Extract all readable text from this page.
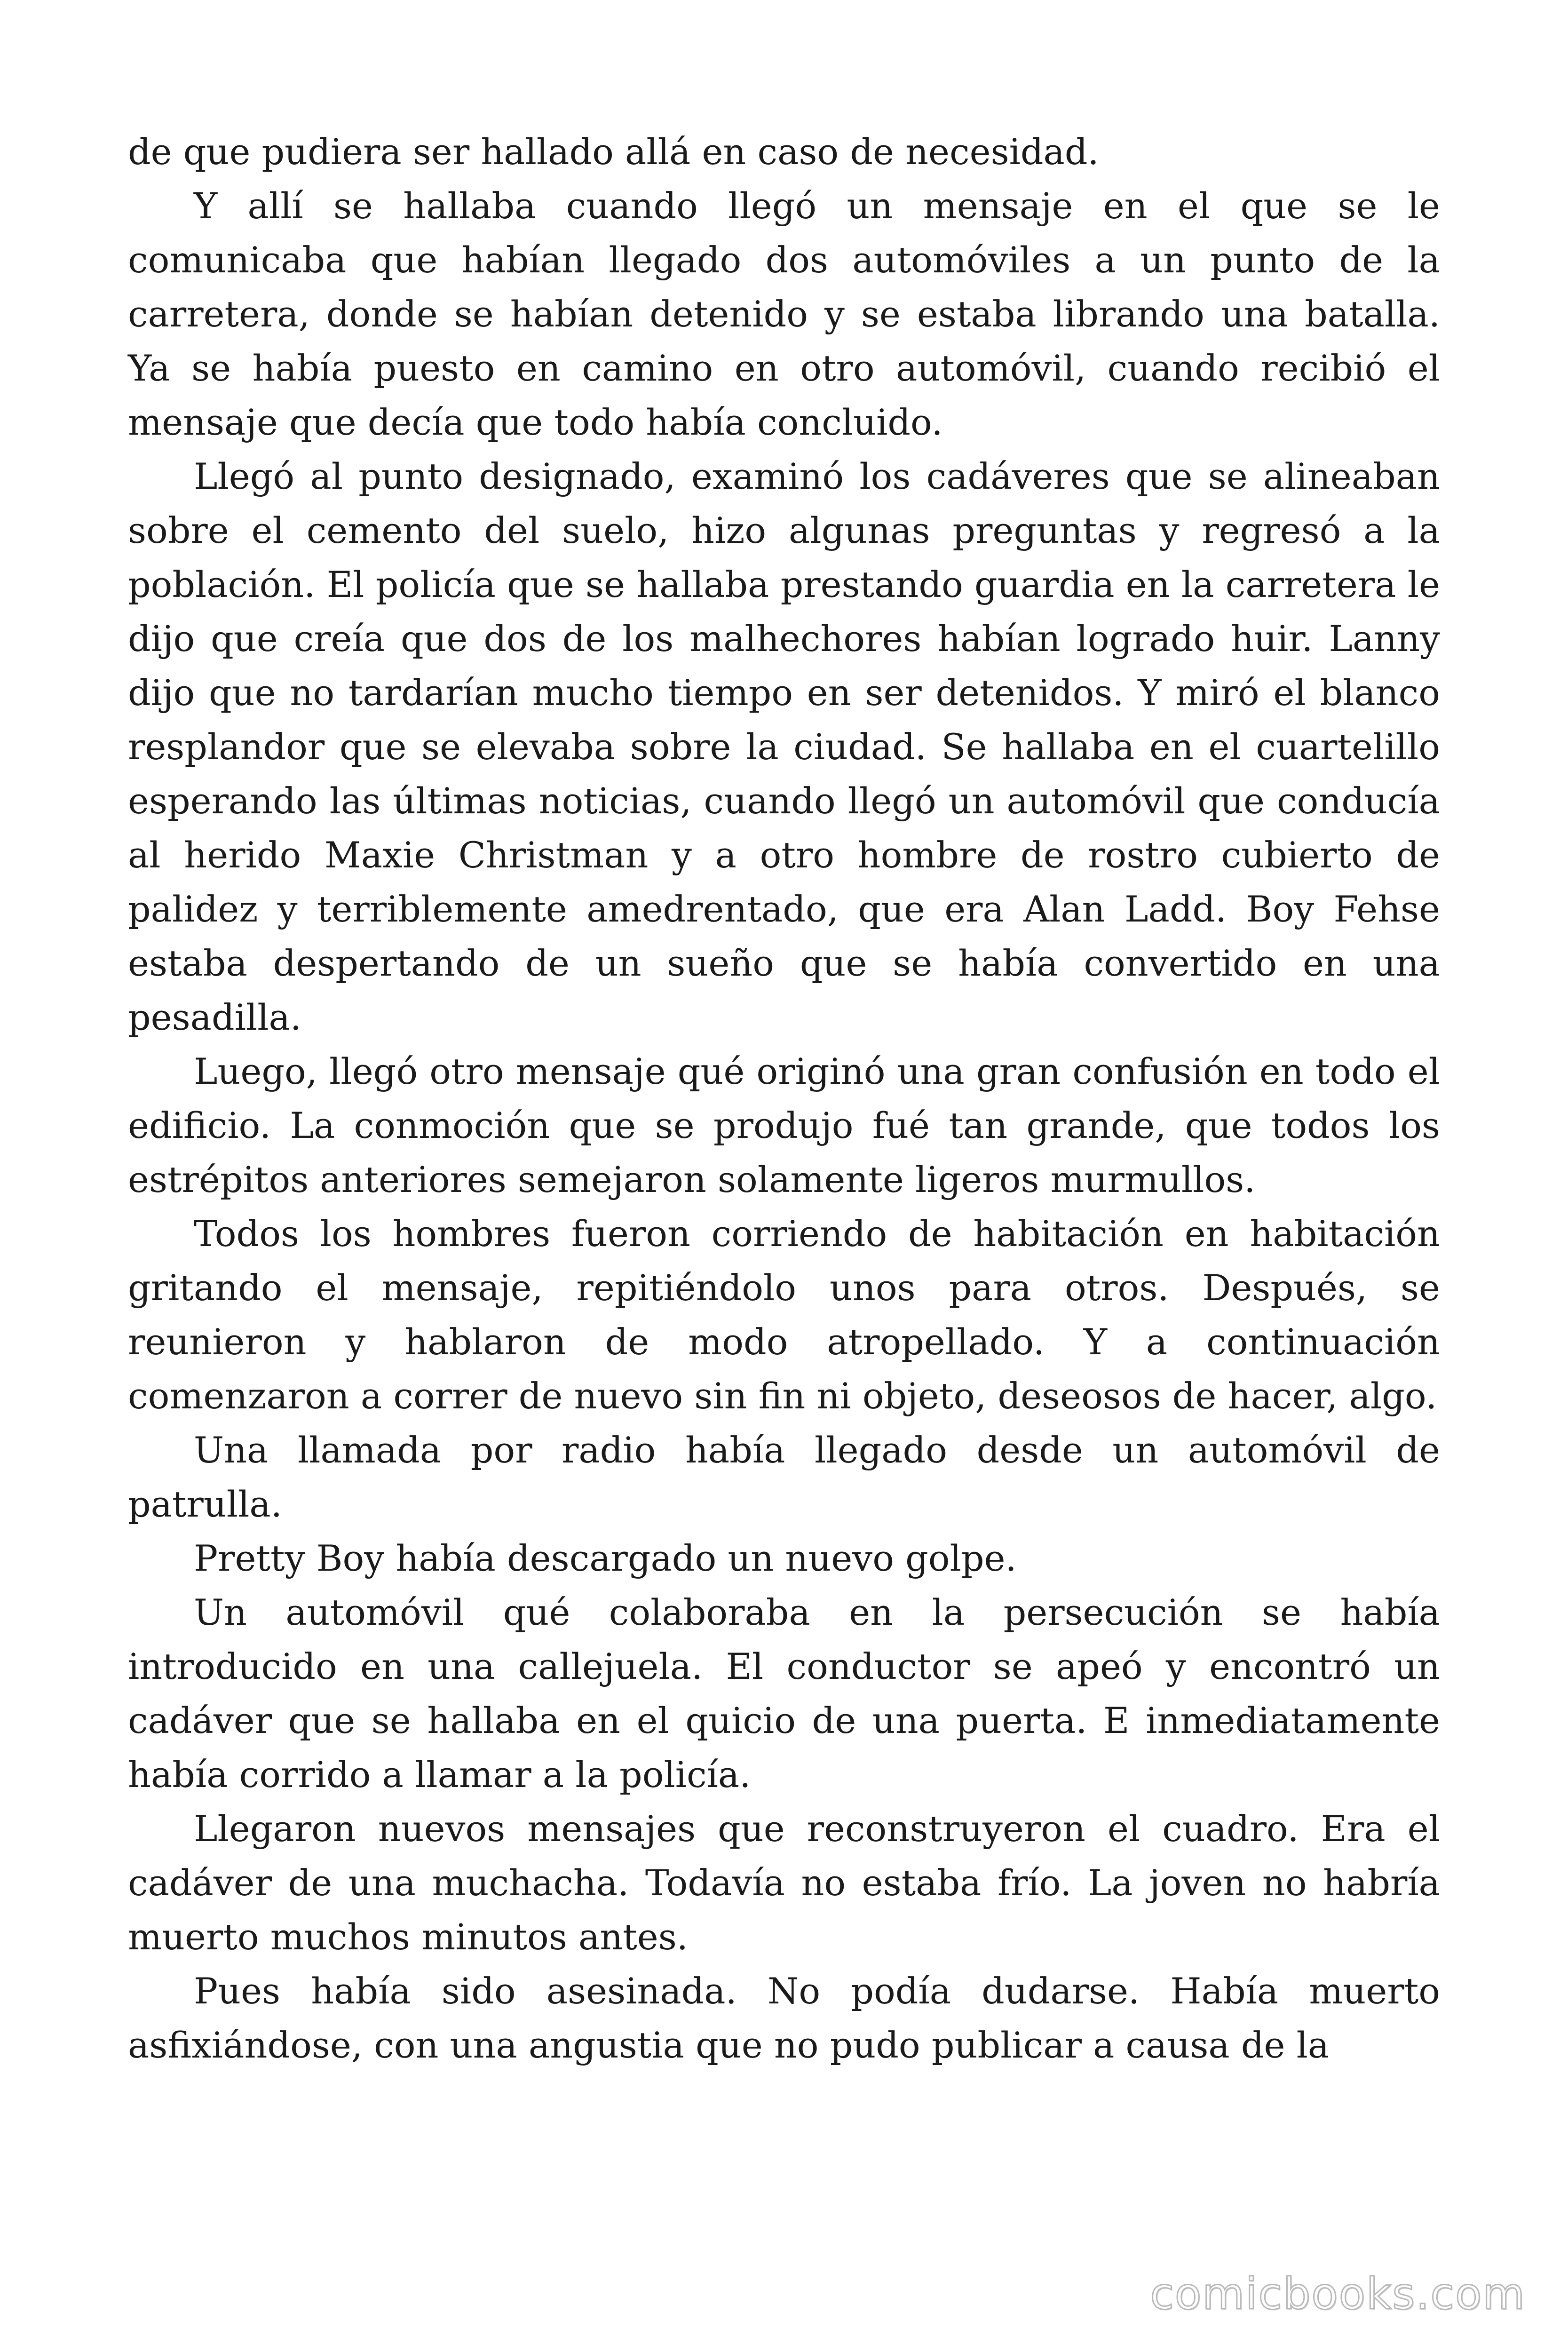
de que pudiera ser hallado allá en caso de necesidad.

Y allí se hallaba cuando llegó un mensaje en el que se le comunicaba que habían llegado dos automóviles a un punto de la carretera, donde se habían detenido y se estaba librando una batalla. Ya se había puesto en camino en otro automóvil, cuando recibió el mensaje que decía que todo había concluido.

Llegó al punto designado, examinó los cadáveres que se alineaban sobre el cemento del suelo, hizo algunas preguntas y regresó a la población. El policía que se hallaba prestando guardia en la carretera le dijo que creía que dos de los malhechores habían logrado huir. Lanny dijo que no tardarían mucho tiempo en ser detenidos. Y miró el blanco resplandor que se elevaba sobre la ciudad. Se hallaba en el cuartelillo esperando las últimas noticias, cuando llegó un automóvil que conducía al herido Maxie Christman y a otro hombre de rostro cubierto de palidez y terriblemente amedrentado, que era Alan Ladd. Boy Fehse estaba despertando de un sueño que se había convertido en una pesadilla.

Luego, llegó otro mensaje qué originó una gran confusión en todo el edificio. La conmoción que se produjo fué tan grande, que todos los estrépitos anteriores semejaron solamente ligeros murmullos.

Todos los hombres fueron corriendo de habitación en habitación gritando el mensaje, repitiéndolo unos para otros. Después, se reunieron y hablaron de modo atropellado. Y a continuación comenzaron a correr de nuevo sin fin ni objeto, deseosos de hacer, algo.

Una llamada por radio había llegado desde un automóvil de patrulla.

Pretty Boy había descargado un nuevo golpe.

Un automóvil qué colaboraba en la persecución se había introducido en una callejuela. El conductor se apeó y encontró un cadáver que se hallaba en el quicio de una puerta. E inmediatamente había corrido a llamar a la policía.

Llegaron nuevos mensajes que reconstruyeron el cuadro. Era el cadáver de una muchacha. Todavía no estaba frío. La joven no habría muerto muchos minutos antes.

Pues había sido asesinada. No podía dudarse. Había muerto asfixiándose, con una angustia que no pudo publicar a causa de la

comicbooks.com
